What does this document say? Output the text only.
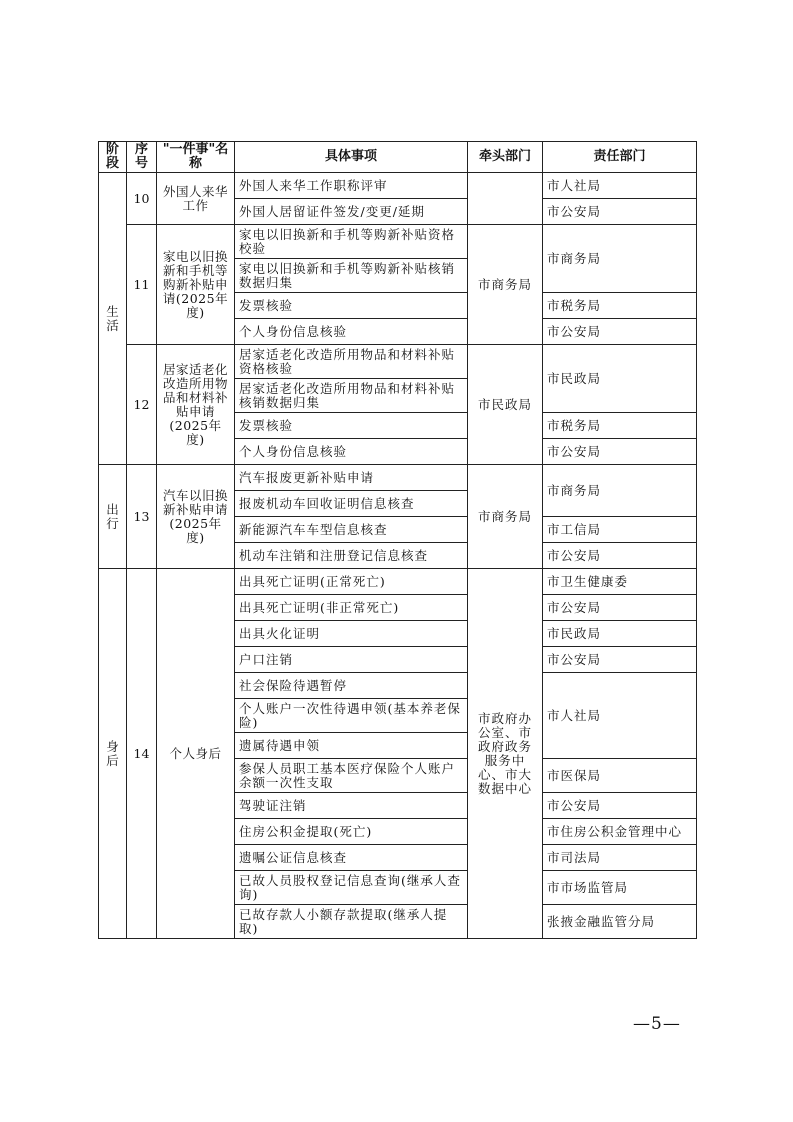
阶段	序号	"一件事"名称	具体事项	牵头部门	责任部门
生活	10	外国人来华工作	外国人来华工作职称评审		市人社局
			外国人居留证件签发/变更/延期		市公安局
	11	家电以旧换新和手机等购新补贴申请(2025年度)	家电以旧换新和手机等购新补贴资格校验	市商务局	市商务局
			家电以旧换新和手机等购新补贴核销数据归集		
			发票核验		市税务局
			个人身份信息核验		市公安局
	12	居家适老化改造所用物品和材料补贴申请(2025年度)	居家适老化改造所用物品和材料补贴资格核验	市民政局	市民政局
			居家适老化改造所用物品和材料补贴核销数据归集		
			发票核验		市税务局
			个人身份信息核验		市公安局
出行	13	汽车以旧换新补贴申请(2025年度)	汽车报废更新补贴申请	市商务局	市商务局
			报废机动车回收证明信息核查		
			新能源汽车车型信息核查		市工信局
			机动车注销和注册登记信息核查		市公安局
身后	14	个人身后	出具死亡证明(正常死亡)	市政府办公室、市政府政务服务中心、市大数据中心	市卫生健康委
			出具死亡证明(非正常死亡)		市公安局
			出具火化证明		市民政局
			户口注销		市公安局
			社会保险待遇暂停		市人社局
			个人账户一次性待遇申领(基本养老保险)		
			遗属待遇申领		
			参保人员职工基本医疗保险个人账户余额一次性支取		市医保局
			驾驶证注销		市公安局
			住房公积金提取(死亡)		市住房公积金管理中心
			遗嘱公证信息核查		市司法局
			已故人员股权登记信息查询(继承人查询)		市市场监管局
			已故存款人小额存款提取(继承人提取)		张掖金融监管分局
—5—
